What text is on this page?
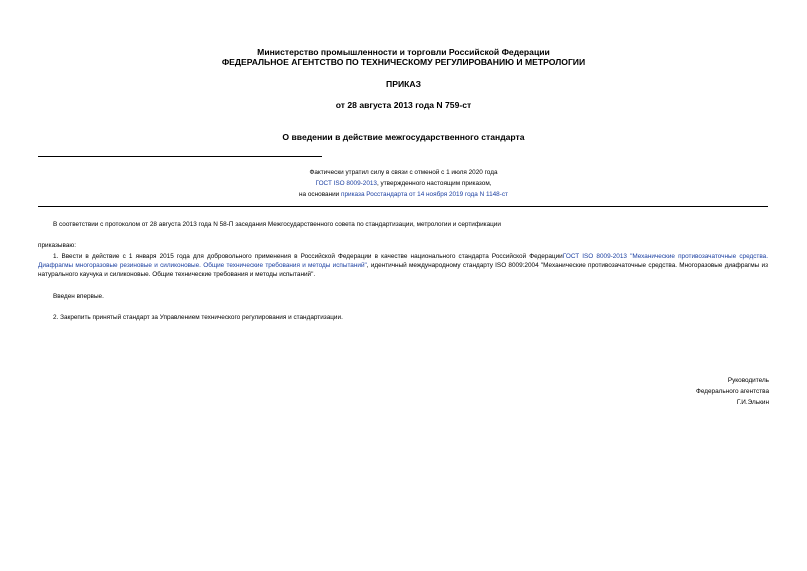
Министерство промышленности и торговли Российской Федерации
ФЕДЕРАЛЬНОЕ АГЕНТСТВО ПО ТЕХНИЧЕСКОМУ РЕГУЛИРОВАНИЮ И МЕТРОЛОГИИ
ПРИКАЗ
от 28 августа 2013 года N 759-ст
О введении в действие межгосударственного стандарта
Фактически утратил силу в связи с отменой с 1 июля 2020 года
ГОСТ ISO 8009-2013, утвержденного настоящим приказом,
на основании приказа Росстандарта от 14 ноября 2019 года N 1148-ст
В соответствии с протоколом от 28 августа 2013 года N 58-П заседания Межгосударственного совета по стандартизации, метрологии и сертификации
приказываю:
1. Ввести в действие с 1 января 2015 года для добровольного применения в Российской Федерации в качестве национального стандарта Российской ФедерацииГОСТ ISO 8009-2013 "Механические противозачаточные средства. Диафрагмы многоразовые резиновые и силиконовые. Общие технические требования и методы испытаний", идентичный международному стандарту ISO 8009:2004 "Механические противозачаточные средства. Многоразовые диафрагмы из натурального каучука и силиконовые. Общие технические требования и методы испытаний".
Введен впервые.
2. Закрепить принятый стандарт за Управлением технического регулирования и стандартизации.
Руководитель
Федерального агентства
Г.И.Элькин
